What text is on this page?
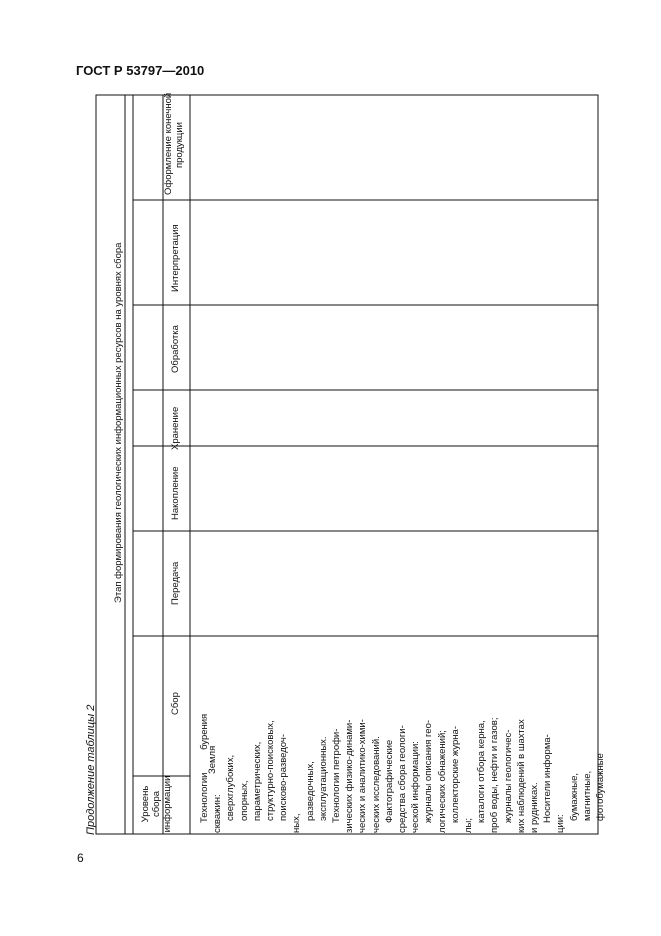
ГОСТ Р 53797—2010
Продолжение таблицы 2
Этап формирования геологических информационных ресурсов на уровнях сбора
Уровень сбора информации
Сбор
Передача
Накопление
Хранение
Обработка
Интерпретация
Оформление конечной продукции
Земля
Технологии бурения скважин: сверхглубоких, опорных, параметрических, структурно-поисковых, поисково-разведоч-
ных,
разведочных, эксплуатационных. Технологии петрофи- зических физико-динами- ческих и аналитико-хими- ческих исследований. Фактографические средства сбора геологи- ческой информации: журналы описания гео- логических обнажений; коллекторские журна-
лы;
каталоги отбора керна, проб воды, нефти и газов; журналы геологичес- ких наблюдений в шахтах и рудниках. Носители информа-
ции:
бумажные, магнитные, фотобумажные
6
